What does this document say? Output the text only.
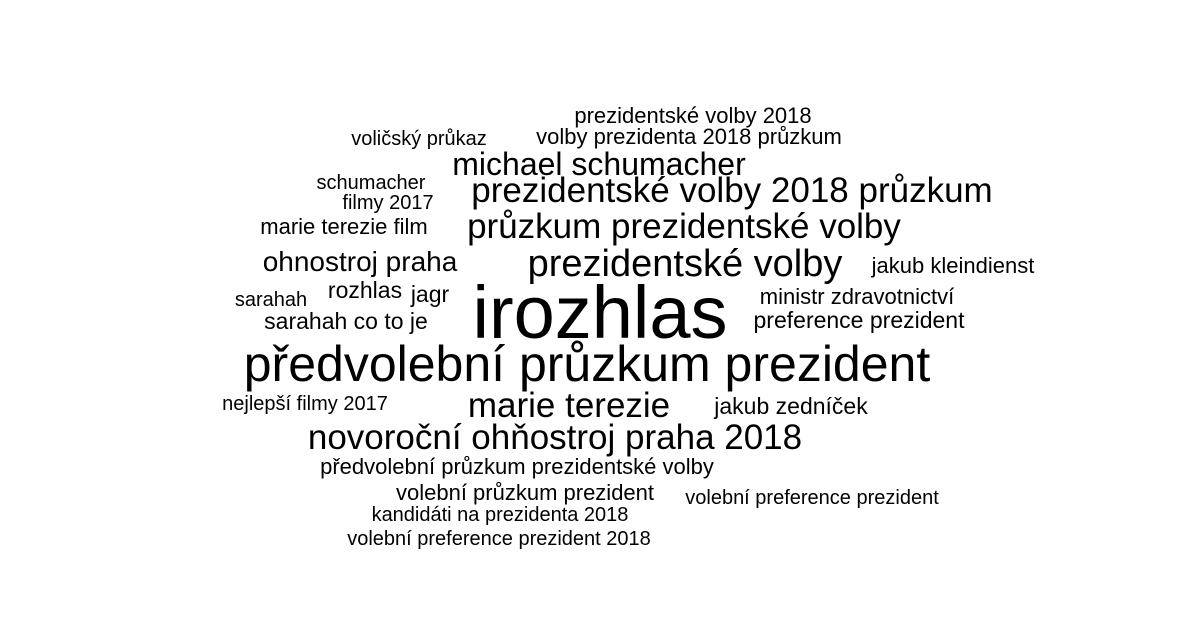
prezidentské volby 2018
voličský průkaz volby prezidenta 2018 průzkum
michael schumacher
schumacher prezidentské volby 2018 průzkum
filmy 2017
marie terezie film průzkum prezidentské volby
ohnostroj praha prezidentské volby jakub kleindienst
sarahah rozhlas jagr	ministr zdravotnictví
sarahah co to je irozhlas preference prezident
předvolební průzkum prezident
nejlepší filmy 2017 marie terezie jakub zedníček
novoroční ohňostroj praha 2018
předvolební průzkum prezidentské volby
volební průzkum prezident volební preference prezident
kandidáti na prezidenta 2018
volební preference prezident 2018
